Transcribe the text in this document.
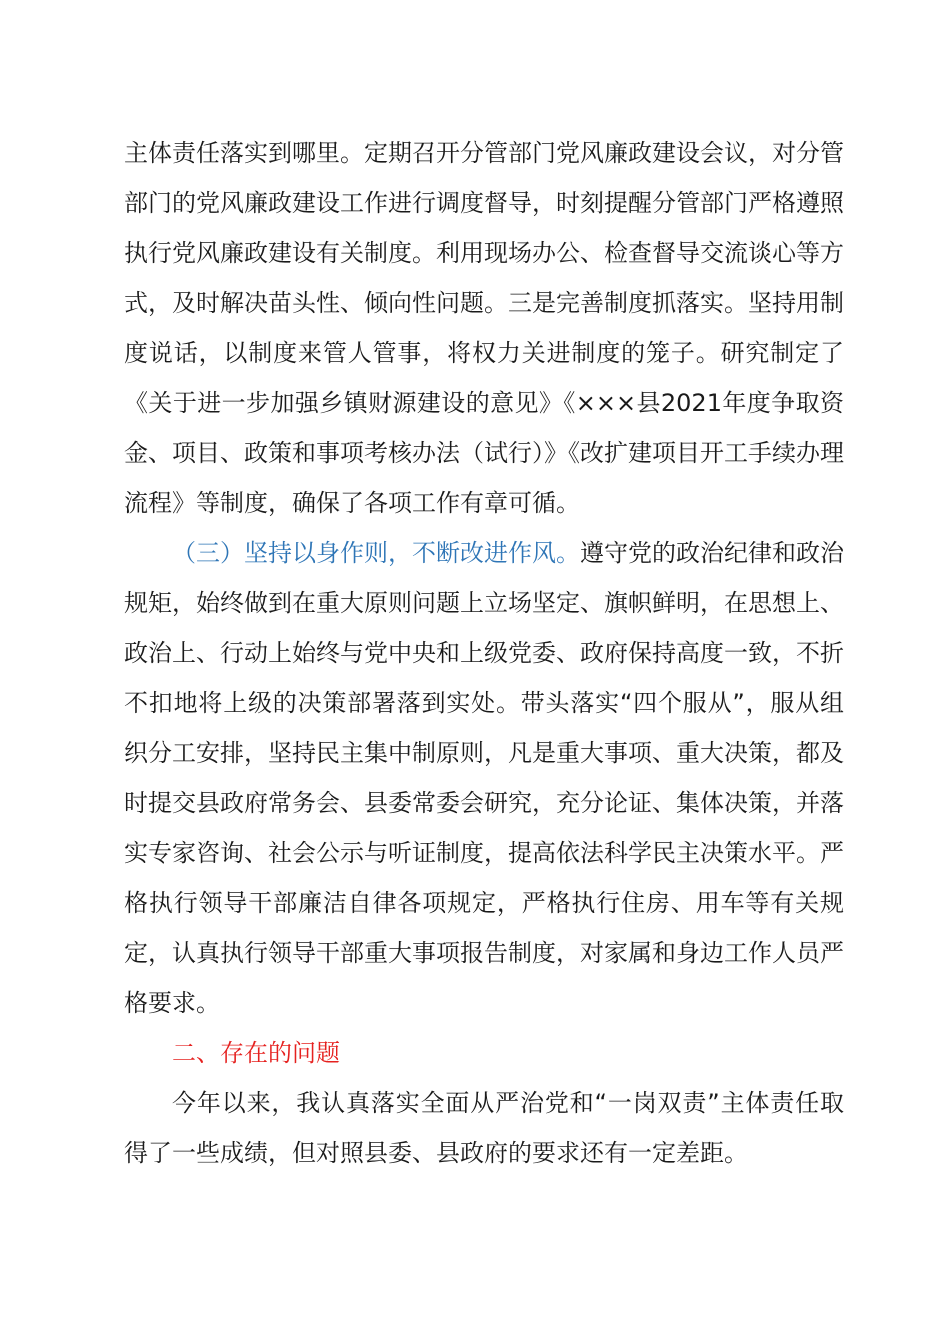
主体责任落实到哪里。定期召开分管部门党风廉政建设会议，对分管部门的党风廉政建设工作进行调度督导，时刻提醒分管部门严格遵照执行党风廉政建设有关制度。利用现场办公、检查督导交流谈心等方式，及时解决苗头性、倾向性问题。三是完善制度抓落实。坚持用制度说话，以制度来管人管事，将权力关进制度的笼子。研究制定了《关于进一步加强乡镇财源建设的意见》《×××县2021年度争取资金、项目、政策和事项考核办法（试行）》《改扩建项目开工手续办理流程》等制度，确保了各项工作有章可循。

（三）坚持以身作则，不断改进作风。遵守党的政治纪律和政治规矩，始终做到在重大原则问题上立场坚定、旗帜鲜明，在思想上、政治上、行动上始终与党中央和上级党委、政府保持高度一致，不折不扣地将上级的决策部署落到实处。带头落实“四个服从”，服从组织分工安排，坚持民主集中制原则，凡是重大事项、重大决策，都及时提交县政府常务会、县委常委会研究，充分论证、集体决策，并落实专家咨询、社会公示与听证制度，提高依法科学民主决策水平。严格执行领导干部廉洁自律各项规定，严格执行住房、用车等有关规定，认真执行领导干部重大事项报告制度，对家属和身边工作人员严格要求。

二、存在的问题

今年以来，我认真落实全面从严治党和“一岗双责”主体责任取得了一些成绩，但对照县委、县政府的要求还有一定差距。
